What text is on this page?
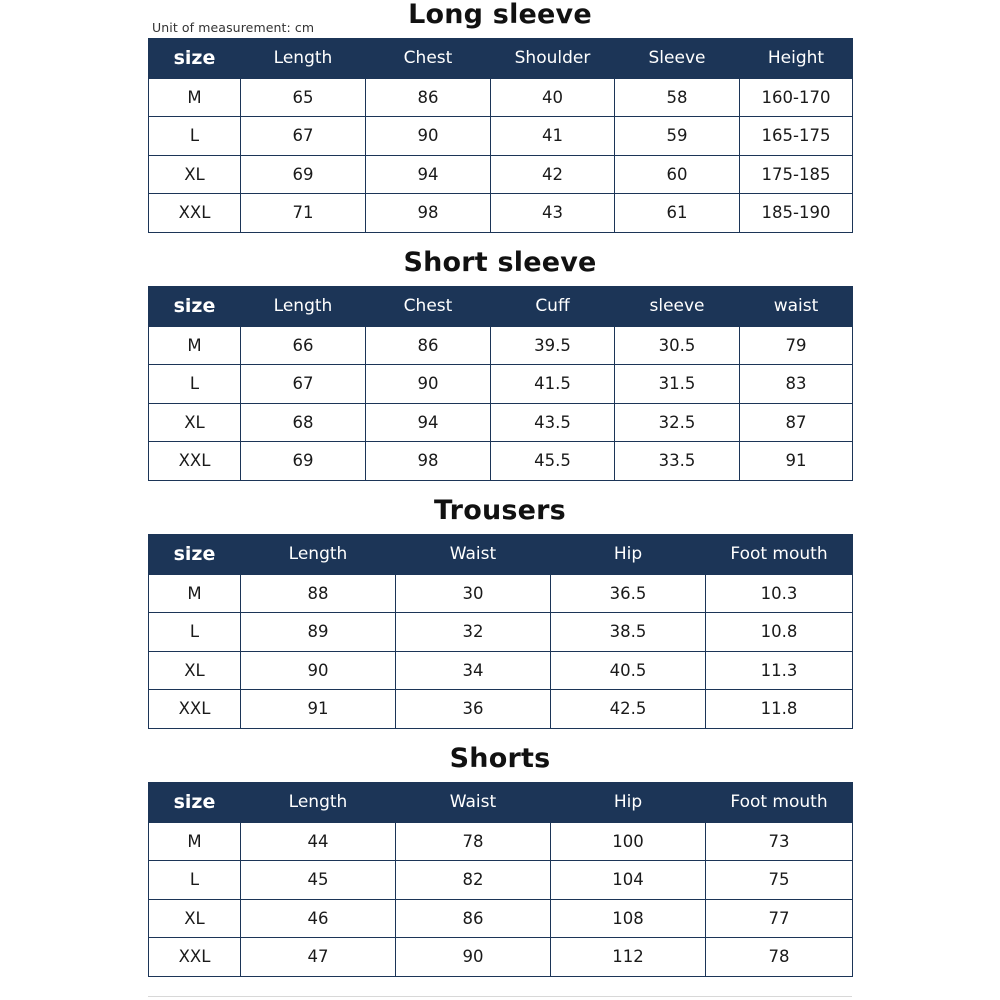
Unit of measurement: cm	Long sleeve
size	Length	Chest	Shoulder	Sleeve	Height
M	65	86	40	58	160-170
L	67	90	41	59	165-175
XL	69	94	42	60	175-185
XXL	71	98	43	61	185-190
Short sleeve
size	Length	Chest	Cuff	sleeve	waist
M	66	86	39.5	30.5	79
L	67	90	41.5	31.5	83
XL	68	94	43.5	32.5	87
XXL	69	98	45.5	33.5	91
Trousers
size	Length	Waist	Hip	Foot mouth
M	88	30	36.5	10.3
L	89	32	38.5	10.8
XL	90	34	40.5	11.3
XXL	91	36	42.5	11.8
Shorts
size	Length	Waist	Hip	Foot mouth
M	44	78	100	73
L	45	82	104	75
XL	46	86	108	77
XXL	47	90	112	78
